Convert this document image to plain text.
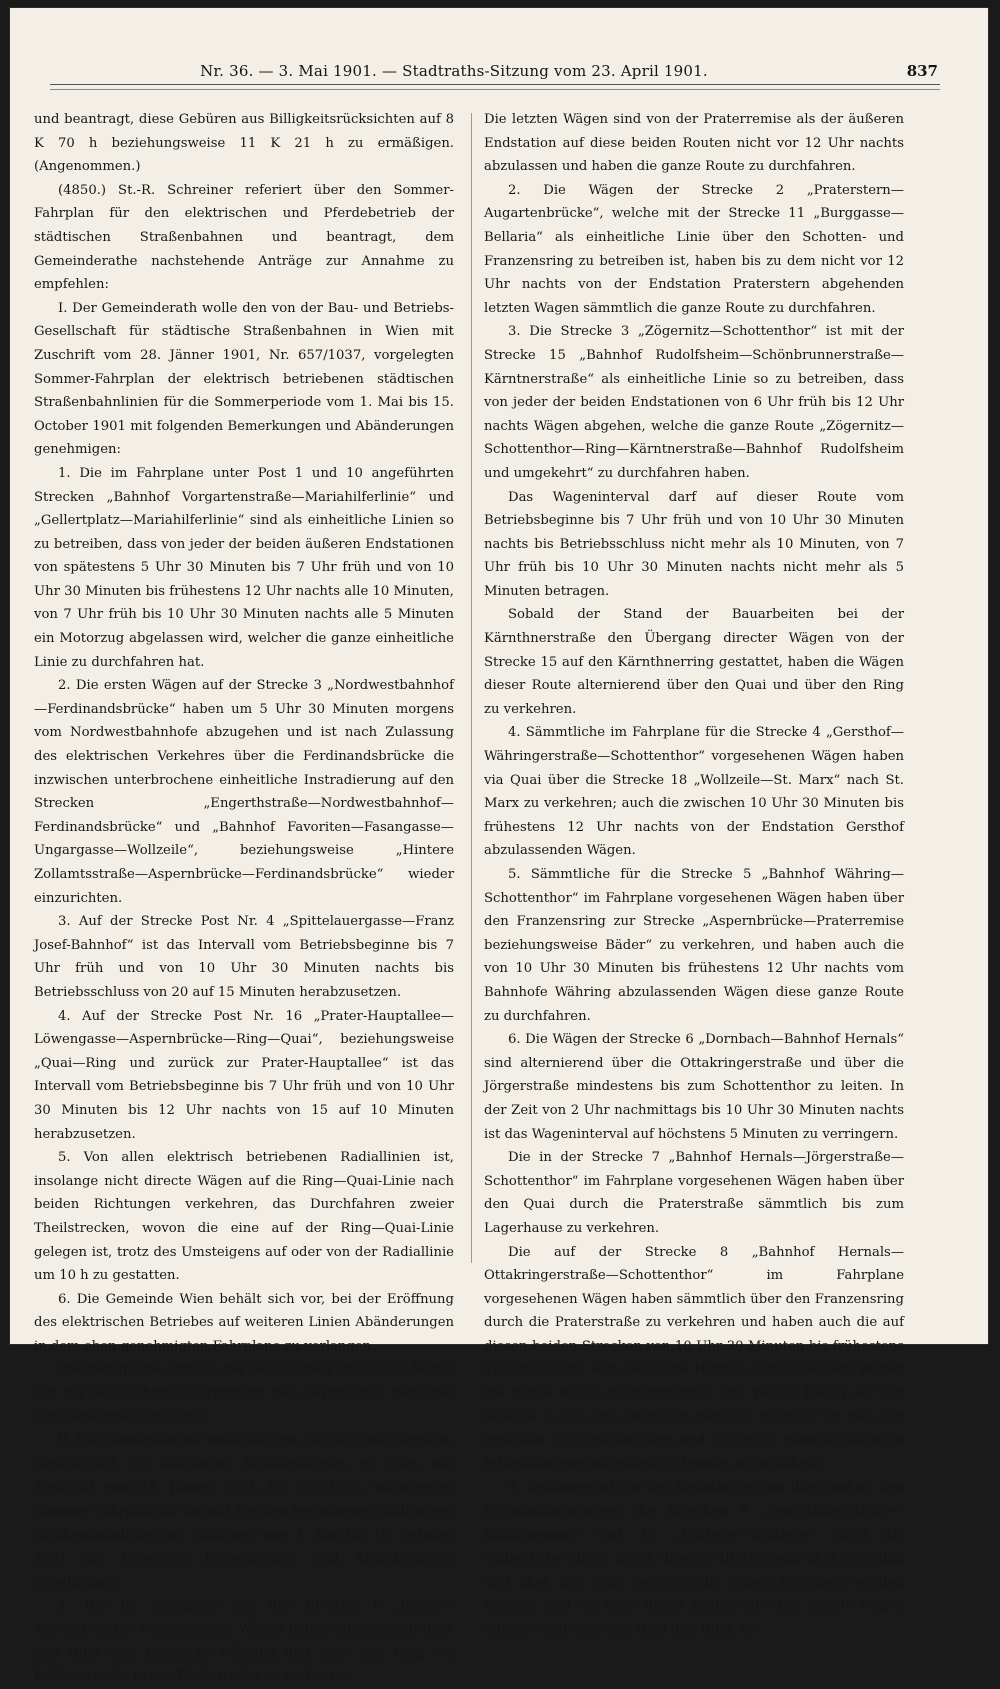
Nr. 36. — 3. Mai 1901. — Stadtraths-Sitzung vom 23. April 1901.	837

und beantragt, diese Gebüren aus Billigkeitsrücksichten auf 8 K 70 h beziehungsweise 11 K 21 h zu ermäßigen. (Angenommen.)

(4850.) St.-R. Schreiner referiert über den Sommer-Fahrplan für den elektrischen und Pferdebetrieb der städtischen Straßenbahnen und beantragt, dem Gemeinderathe nachstehende Anträge zur Annahme zu empfehlen:

I. Der Gemeinderath wolle den von der Bau- und Betriebs-Gesellschaft für städtische Straßenbahnen in Wien mit Zuschrift vom 28. Jänner 1901, Nr. 657/1037, vorgelegten Sommer-Fahrplan der elektrisch betriebenen städtischen Straßenbahnlinien für die Sommerperiode vom 1. Mai bis 15. October 1901 mit folgenden Bemerkungen und Abänderungen genehmigen:

1. Die im Fahrplane unter Post 1 und 10 angeführten Strecken „Bahnhof Vorgartenstraße—Mariahilferlinie“ und „Gellertplatz—Mariahilferlinie“ sind als einheitliche Linien so zu betreiben, dass von jeder der beiden äußeren Endstationen von spätestens 5 Uhr 30 Minuten bis 7 Uhr früh und von 10 Uhr 30 Minuten bis frühestens 12 Uhr nachts alle 10 Minuten, von 7 Uhr früh bis 10 Uhr 30 Minuten nachts alle 5 Minuten ein Motorzug abgelassen wird, welcher die ganze einheitliche Linie zu durchfahren hat.

2. Die ersten Wägen auf der Strecke 3 „Nordwestbahnhof—Ferdinandsbrücke“ haben um 5 Uhr 30 Minuten morgens vom Nordwestbahnhofe abzugehen und ist nach Zulassung des elektrischen Verkehres über die Ferdinandsbrücke die inzwischen unterbrochene einheitliche Instradierung auf den Strecken „Engerthstraße—Nordwestbahnhof—Ferdinandsbrücke“ und „Bahnhof Favoriten—Fasangasse—Ungargasse—Wollzeile“, beziehungsweise „Hintere Zollamtsstraße—Aspernbrücke—Ferdinandsbrücke“ wieder einzurichten.

3. Auf der Strecke Post Nr. 4 „Spittelauergasse—Franz Josef-Bahnhof“ ist das Intervall vom Betriebsbeginne bis 7 Uhr früh und von 10 Uhr 30 Minuten nachts bis Betriebsschluss von 20 auf 15 Minuten herabzusetzen.

4. Auf der Strecke Post Nr. 16 „Prater-Hauptallee—Löwengasse—Aspernbrücke—Ring—Quai“, beziehungsweise „Quai—Ring und zurück zur Prater-Hauptallee“ ist das Intervall vom Betriebsbeginne bis 7 Uhr früh und von 10 Uhr 30 Minuten bis 12 Uhr nachts von 15 auf 10 Minuten herabzusetzen.

5. Von allen elektrisch betriebenen Radiallinien ist, insolange nicht directe Wägen auf die Ring—Quai-Linie nach beiden Richtungen verkehren, das Durchfahren zweier Theilstrecken, wovon die eine auf der Ring—Quai-Linie gelegen ist, trotz des Umsteigens auf oder von der Radiallinie um 10 h zu gestatten.

6. Die Gemeinde Wien behält sich vor, bei der Eröffnung des elektrischen Betriebes auf weiteren Linien Abänderungen in dem oben genehmigten Fahrplane zu verlangen.

Diesbezügliche Anträge der Gesellschaft sind einen Monat vor der beabsichtigten Eröffnung des elektrischen Betriebes der Gemeinde vorzulegen.

II. Der Gemeinderath wolle den von der Bau- und Betriebs-Gesellschaft für städtische Straßenbahnen in Wien mit Zuschrift vom 28. Jänner 1901, Nr. 657/1037, vorgelegten Sommer-Fahrplan für die mit Pferden betriebenen städtischen Straßenbahnlinien mit Giltigkeit vom 1. Mai bis 15. October 1901 mit folgenden Bemerkungen und Abänderungen genehmigen:

1. Die im Fahrplane auf der Strecke 1 „Bäder—Aspernbrücke“ vorgesehenen Wägen haben alternierend über den Quai zum Bahnhofe Währing und über den Ring via Bellariastraße in die Thaliastraße zu verkehren.

Die letzten Wägen sind von der Praterremise als der äußeren Endstation auf diese beiden Routen nicht vor 12 Uhr nachts abzulassen und haben die ganze Route zu durchfahren.

2. Die Wägen der Strecke 2 „Praterstern—Augartenbrücke“, welche mit der Strecke 11 „Burggasse—Bellaria“ als einheitliche Linie über den Schotten- und Franzensring zu betreiben ist, haben bis zu dem nicht vor 12 Uhr nachts von der Endstation Praterstern abgehenden letzten Wagen sämmtlich die ganze Route zu durchfahren.

3. Die Strecke 3 „Zögernitz—Schottenthor“ ist mit der Strecke 15 „Bahnhof Rudolfsheim—Schönbrunnerstraße—Kärntnerstraße“ als einheitliche Linie so zu betreiben, dass von jeder der beiden Endstationen von 6 Uhr früh bis 12 Uhr nachts Wägen abgehen, welche die ganze Route „Zögernitz—Schottenthor—Ring—Kärntnerstraße—Bahnhof Rudolfsheim und umgekehrt“ zu durchfahren haben.

Das Wageninterval darf auf dieser Route vom Betriebsbeginne bis 7 Uhr früh und von 10 Uhr 30 Minuten nachts bis Betriebsschluss nicht mehr als 10 Minuten, von 7 Uhr früh bis 10 Uhr 30 Minuten nachts nicht mehr als 5 Minuten betragen.

Sobald der Stand der Bauarbeiten bei der Kärnthnerstraße den Übergang directer Wägen von der Strecke 15 auf den Kärnthnerring gestattet, haben die Wägen dieser Route alternierend über den Quai und über den Ring zu verkehren.

4. Sämmtliche im Fahrplane für die Strecke 4 „Gersthof—Währingerstraße—Schottenthor“ vorgesehenen Wägen haben via Quai über die Strecke 18 „Wollzeile—St. Marx“ nach St. Marx zu verkehren; auch die zwischen 10 Uhr 30 Minuten bis frühestens 12 Uhr nachts von der Endstation Gersthof abzulassenden Wägen.

5. Sämmtliche für die Strecke 5 „Bahnhof Währing—Schottenthor“ im Fahrplane vorgesehenen Wägen haben über den Franzensring zur Strecke „Aspernbrücke—Praterremise beziehungsweise Bäder“ zu verkehren, und haben auch die von 10 Uhr 30 Minuten bis frühestens 12 Uhr nachts vom Bahnhofe Währing abzulassenden Wägen diese ganze Route zu durchfahren.

6. Die Wägen der Strecke 6 „Dornbach—Bahnhof Hernals“ sind alternierend über die Ottakringerstraße und über die Jörgerstraße mindestens bis zum Schottenthor zu leiten. In der Zeit von 2 Uhr nachmittags bis 10 Uhr 30 Minuten nachts ist das Wageninterval auf höchstens 5 Minuten zu verringern.

Die in der Strecke 7 „Bahnhof Hernals—Jörgerstraße—Schottenthor“ im Fahrplane vorgesehenen Wägen haben über den Quai durch die Praterstraße sämmtlich bis zum Lagerhause zu verkehren.

Die auf der Strecke 8 „Bahnhof Hernals—Ottakringerstraße—Schottenthor“ im Fahrplane vorgesehenen Wägen haben sämmtlich über den Franzensring durch die Praterstraße zu verkehren und haben auch die auf diesen beiden Strecken von 10 Uhr 30 Minuten bis frühestens 12 Uhr nachts vom Bahnhofe Hernals abzulassenden Wägen die ganze Route zu durchfahren. Die Wägen haben auf der Strecke 6, das ist „Dornbach-Bahnhof Hernals“ in der Zeit zwischen 2 Uhr nachmittags und 10 Uhr 30 Minuten nachts in Intervallen von höchstens 5 Minuten zu verkehren.

7. Insolange infolge der Bauarbeiten am Ring und an den Einmündungscurven die Strecken 9 „Josefstädterstraße—Stadiongasse“ und 19 „Erdberg—Wollzeile“ nicht als einheitliche Linien durch directe, alternierend über den Ring und über den Quai verkehrende Wägen betrieben werden können, sind von einer dieser beiden Strecken directe Wägen alternierend über den Quai und Ring, be-
